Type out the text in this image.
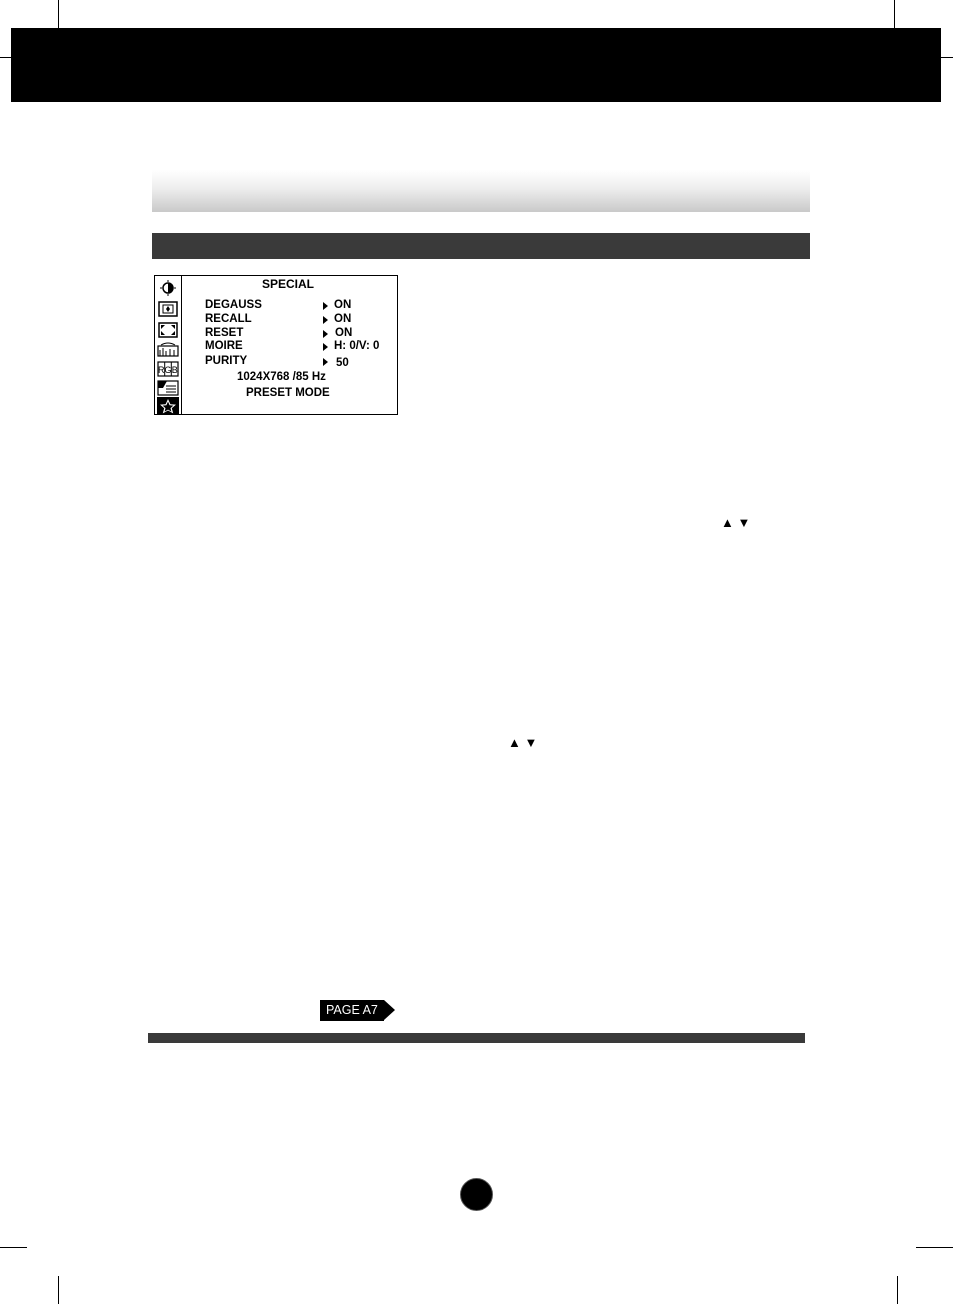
R G B
SPECIAL
DEGAUSS	ON
RECALL	ON
RESET	ON
MOIRE	H: 0/V: 0
PURITY	50
1024X768 /85 Hz
PRESET MODE
▲ ▼
▲ ▼
PAGE A7
